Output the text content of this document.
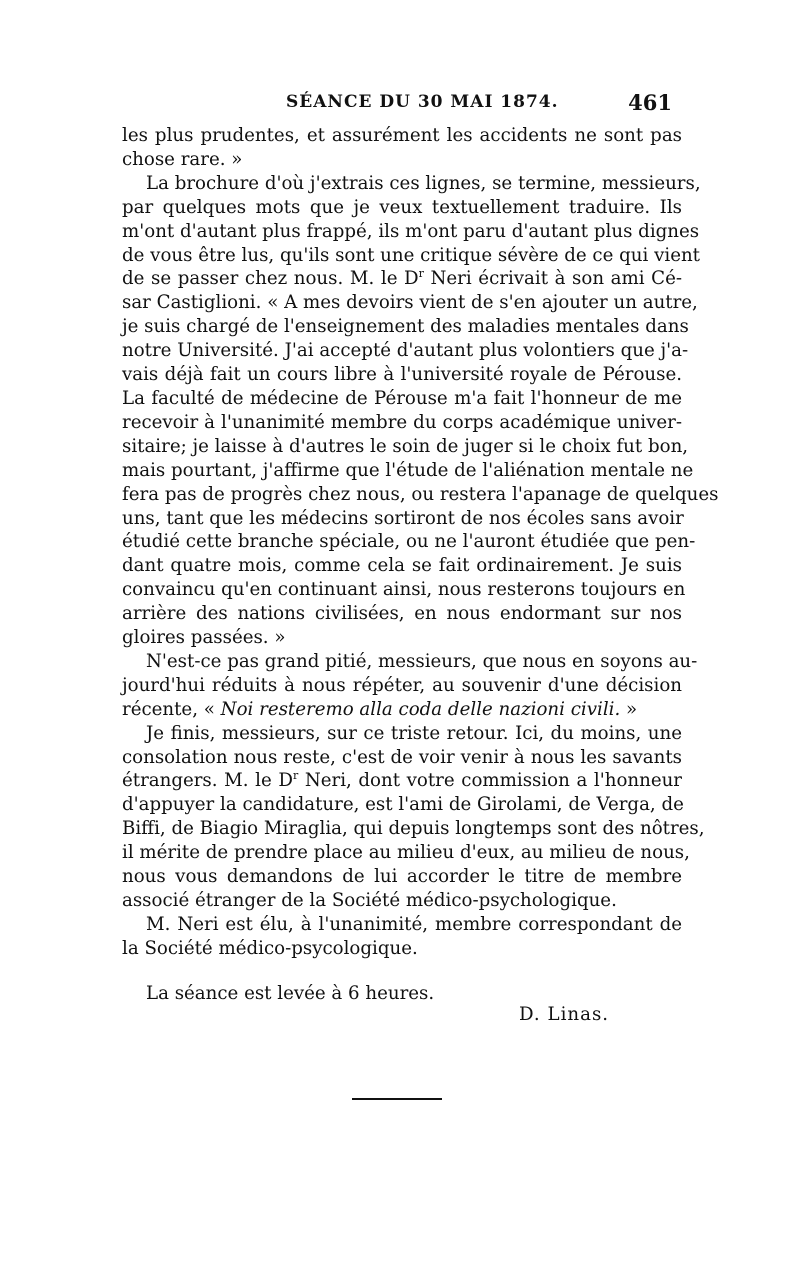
SÉANCE DU 30 MAI 1874.	461
les plus prudentes, et assurément les accidents ne sont pas
chose rare. »
La brochure d'où j'extrais ces lignes, se termine, messieurs,
par quelques mots que je veux textuellement traduire. Ils
m'ont d'autant plus frappé, ils m'ont paru d'autant plus dignes
de vous être lus, qu'ils sont une critique sévère de ce qui vient
de se passer chez nous. M. le $D^r$ Neri écrivait à son ami Cé-
sar Castiglioni. « A mes devoirs vient de s'en ajouter un autre,
je suis chargé de l'enseignement des maladies mentales dans
notre Université. J'ai accepté d'autant plus volontiers que j'a-
vais déjà fait un cours libre à l'université royale de Pérouse.
La faculté de médecine de Pérouse m'a fait l'honneur de me
recevoir à l'unanimité membre du corps académique univer-
sitaire; je laisse à d'autres le soin de juger si le choix fut bon,
mais pourtant, j'affirme que l'étude de l'aliénation mentale ne
fera pas de progrès chez nous, ou restera l'apanage de quelques
uns, tant que les médecins sortiront de nos écoles sans avoir
étudié cette branche spéciale, ou ne l'auront étudiée que pen-
dant quatre mois, comme cela se fait ordinairement. Je suis
convaincu qu'en continuant ainsi, nous resterons toujours en
arrière des nations civilisées, en nous endormant sur nos
gloires passées. »
N'est-ce pas grand pitié, messieurs, que nous en soyons au-
jourd'hui réduits à nous répéter, au souvenir d'une décision
récente, « Noi resteremo alla coda delle nazioni civili. »
Je finis, messieurs, sur ce triste retour. Ici, du moins, une
consolation nous reste, c'est de voir venir à nous les savants
étrangers. M. le $D^r$ Neri, dont votre commission a l'honneur
d'appuyer la candidature, est l'ami de Girolami, de Verga, de
Biffi, de Biagio Miraglia, qui depuis longtemps sont des nôtres,
il mérite de prendre place au milieu d'eux, au milieu de nous,
nous vous demandons de lui accorder le titre de membre
associé étranger de la Société médico-psychologique.
M. Neri est élu, à l'unanimité, membre correspondant de
la Société médico-psycologique.
La séance est levée à 6 heures.
D. Linas.
